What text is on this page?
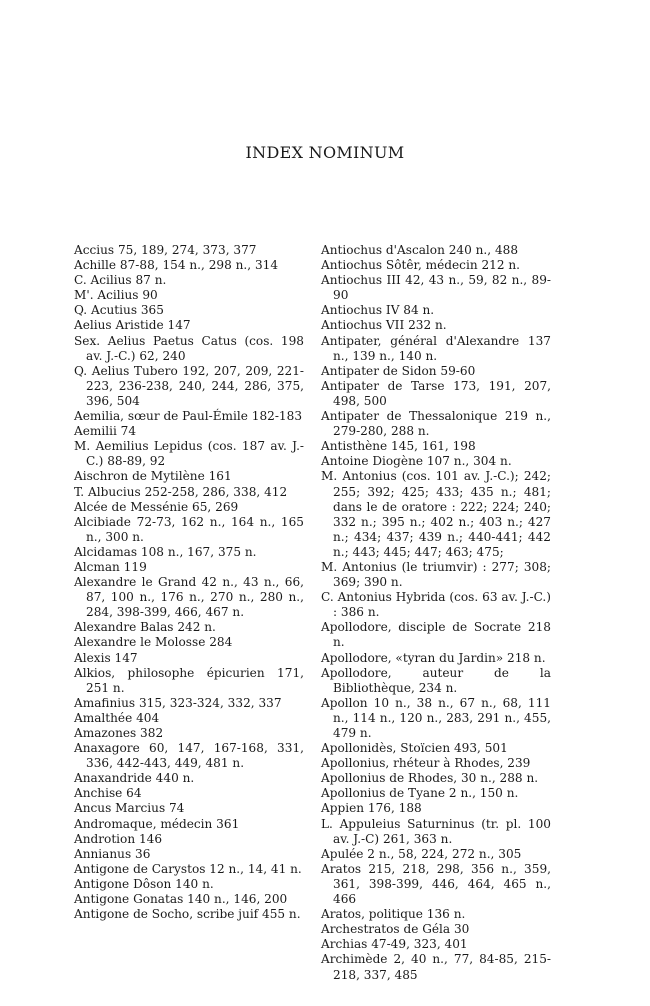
INDEX NOMINUM
Accius 75, 189, 274, 373, 377
Achille 87-88, 154 n., 298 n., 314
C. Acilius 87 n.
M'. Acilius 90
Q. Acutius 365
Aelius Aristide 147
Sex. Aelius Paetus Catus (cos. 198 av. J.-C.) 62, 240
Q. Aelius Tubero 192, 207, 209, 221-223, 236-238, 240, 244, 286, 375, 396, 504
Aemilia, sœur de Paul-Émile 182-183
Aemilii 74
M. Aemilius Lepidus (cos. 187 av. J.-C.) 88-89, 92
Aischron de Mytilène 161
T. Albucius 252-258, 286, 338, 412
Alcée de Messénie 65, 269
Alcibiade 72-73, 162 n., 164 n., 165 n., 300 n.
Alcidamas 108 n., 167, 375 n.
Alcman 119
Alexandre le Grand 42 n., 43 n., 66, 87, 100 n., 176 n., 270 n., 280 n., 284, 398-399, 466, 467 n.
Alexandre Balas 242 n.
Alexandre le Molosse 284
Alexis 147
Alkios, philosophe épicurien 171, 251 n.
Amafinius 315, 323-324, 332, 337
Amalthée 404
Amazones 382
Anaxagore 60, 147, 167-168, 331, 336, 442-443, 449, 481 n.
Anaxandride 440 n.
Anchise 64
Ancus Marcius 74
Andromaque, médecin 361
Androtion 146
Annianus 36
Antigone de Carystos 12 n., 14, 41 n.
Antigone Dôson 140 n.
Antigone Gonatas 140 n., 146, 200
Antigone de Socho, scribe juif 455 n.
Antiochus d'Ascalon 240 n., 488
Antiochus Sôtêr, médecin 212 n.
Antiochus III 42, 43 n., 59, 82 n., 89-90
Antiochus IV 84 n.
Antiochus VII 232 n.
Antipater, général d'Alexandre 137 n., 139 n., 140 n.
Antipater de Sidon 59-60
Antipater de Tarse 173, 191, 207, 498, 500
Antipater de Thessalonique 219 n., 279-280, 288 n.
Antisthène 145, 161, 198
Antoine Diogène 107 n., 304 n.
M. Antonius (cos. 101 av. J.-C.); 242; 255; 392; 425; 433; 435 n.; 481; dans le de oratore : 222; 224; 240; 332 n.; 395 n.; 402 n.; 403 n.; 427 n.; 434; 437; 439 n.; 440-441; 442 n.; 443; 445; 447; 463; 475;
M. Antonius (le triumvir) : 277; 308; 369; 390 n.
C. Antonius Hybrida (cos. 63 av. J.-C.) : 386 n.
Apollodore, disciple de Socrate 218 n.
Apollodore, «tyran du Jardin» 218 n.
Apollodore, auteur de la Bibliothèque, 234 n.
Apollon 10 n., 38 n., 67 n., 68, 111 n., 114 n., 120 n., 283, 291 n., 455, 479 n.
Apollonidès, Stoïcien 493, 501
Apollonius, rhéteur à Rhodes, 239
Apollonius de Rhodes, 30 n., 288 n.
Apollonius de Tyane 2 n., 150 n.
Appien 176, 188
L. Appuleius Saturninus (tr. pl. 100 av. J.-C) 261, 363 n.
Apulée 2 n., 58, 224, 272 n., 305
Aratos 215, 218, 298, 356 n., 359, 361, 398-399, 446, 464, 465 n., 466
Aratos, politique 136 n.
Archestratos de Géla 30
Archias 47-49, 323, 401
Archimède 2, 40 n., 77, 84-85, 215-218, 337, 485
